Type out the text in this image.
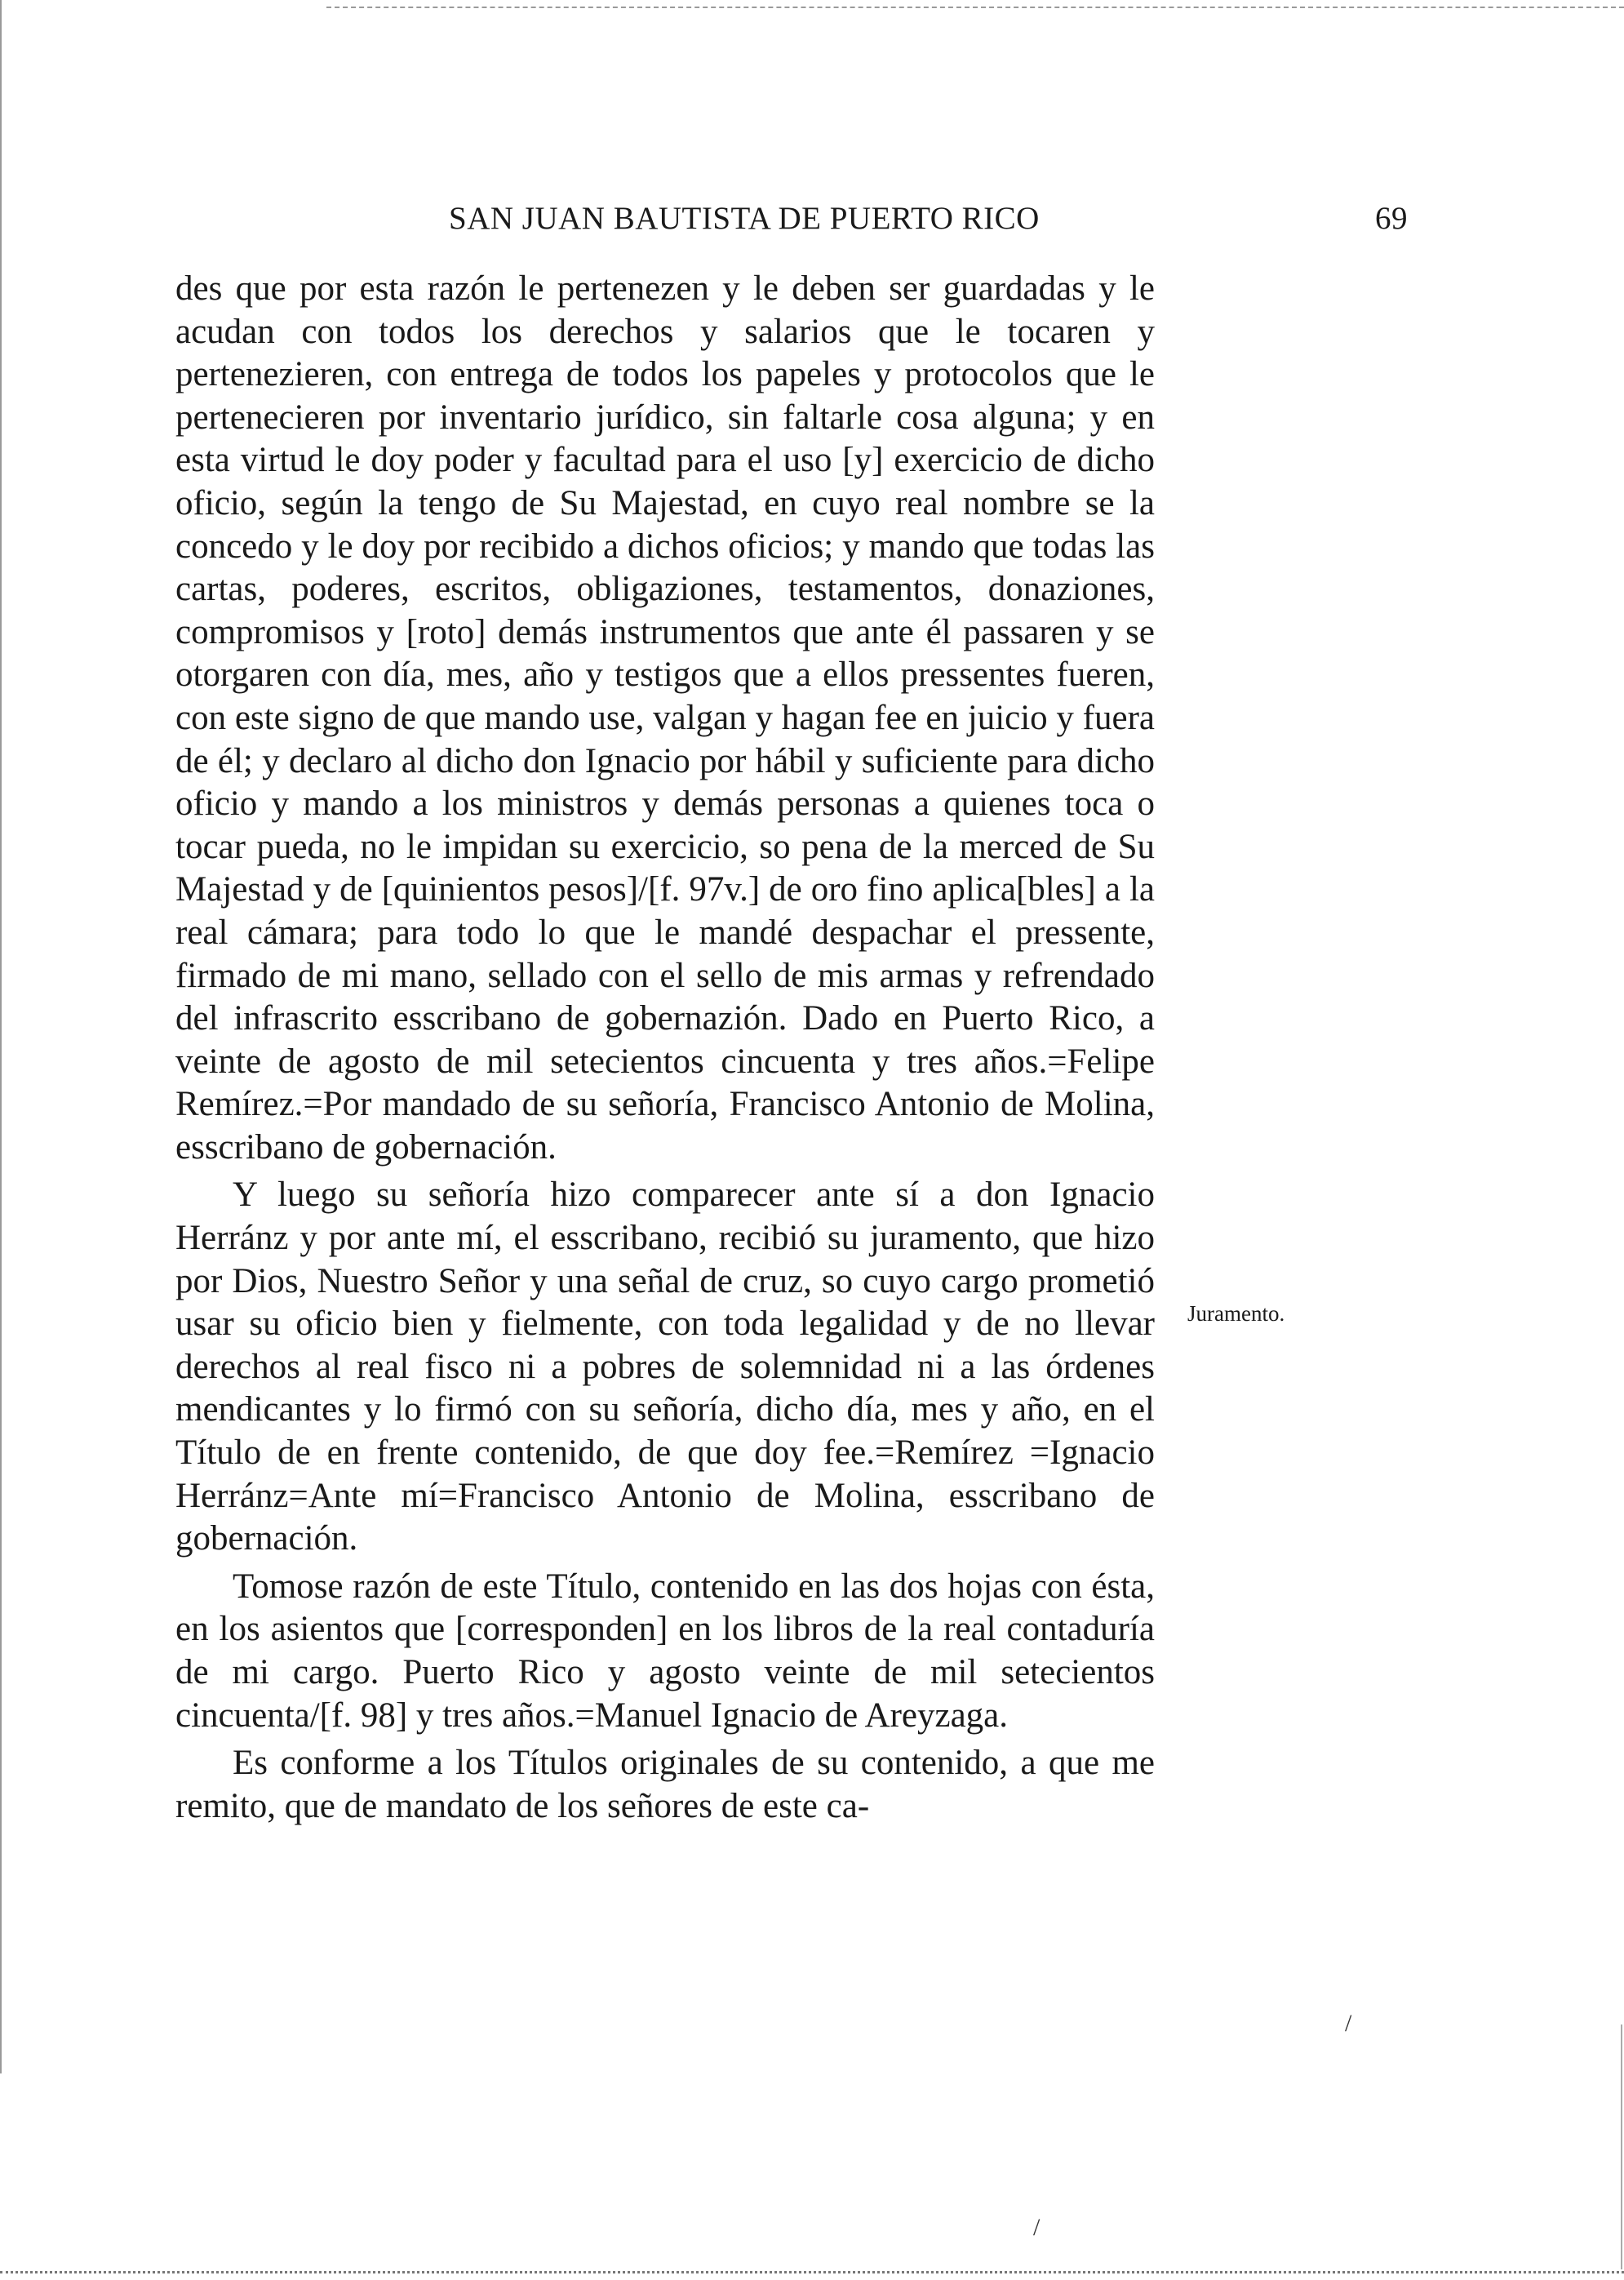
SAN JUAN BAUTISTA DE PUERTO RICO	69

des que por esta razón le pertenezen y le deben ser guardadas y le acudan con todos los derechos y salarios que le tocaren y pertenezieren, con entrega de todos los papeles y protocolos que le pertenecieren por inventario jurídico, sin faltarle cosa alguna; y en esta virtud le doy poder y facultad para el uso [y] exercicio de dicho oficio, según la tengo de Su Majestad, en cuyo real nombre se la concedo y le doy por recibido a dichos oficios; y mando que todas las cartas, poderes, escritos, obligaziones, testamentos, donaziones, compromisos y [roto] demás instrumentos que ante él passaren y se otorgaren con día, mes, año y testigos que a ellos pressentes fueren, con este signo de que mando use, valgan y hagan fee en juicio y fuera de él; y declaro al dicho don Ignacio por hábil y suficiente para dicho oficio y mando a los ministros y demás personas a quienes toca o tocar pueda, no le impidan su exercicio, so pena de la merced de Su Majestad y de [quinientos pesos]/[f. 97v.] de oro fino aplica[bles] a la real cámara; para todo lo que le mandé despachar el pressente, firmado de mi mano, sellado con el sello de mis armas y refrendado del infrascrito esscribano de gobernazión. Dado en Puerto Rico, a veinte de agosto de mil setecientos cincuenta y tres años.=Felipe Remírez.=Por mandado de su señoría, Francisco Antonio de Molina, esscribano de gobernación.

Y luego su señoría hizo comparecer ante sí a don Ignacio Herránz y por ante mí, el esscribano, recibió su juramento, que hizo por Dios, Nuestro Señor y una señal de cruz, so cuyo cargo prometió usar su oficio bien y fielmente, con toda legalidad y de no llevar derechos al real fisco ni a pobres de solemnidad ni a las órdenes mendicantes y lo firmó con su señoría, dicho día, mes y año, en el Título de en frente contenido, de que doy fee.=Remírez =Ignacio Herránz=Ante mí=Francisco Antonio de Molina, esscribano de gobernación.

Tomose razón de este Título, contenido en las dos hojas con ésta, en los asientos que [corresponden] en los libros de la real contaduría de mi cargo. Puerto Rico y agosto veinte de mil setecientos cincuenta/[f. 98] y tres años.=Manuel Ignacio de Areyzaga.

Es conforme a los Títulos originales de su contenido, a que me remito, que de mandato de los señores de este ca-

Juramento.
/
/
